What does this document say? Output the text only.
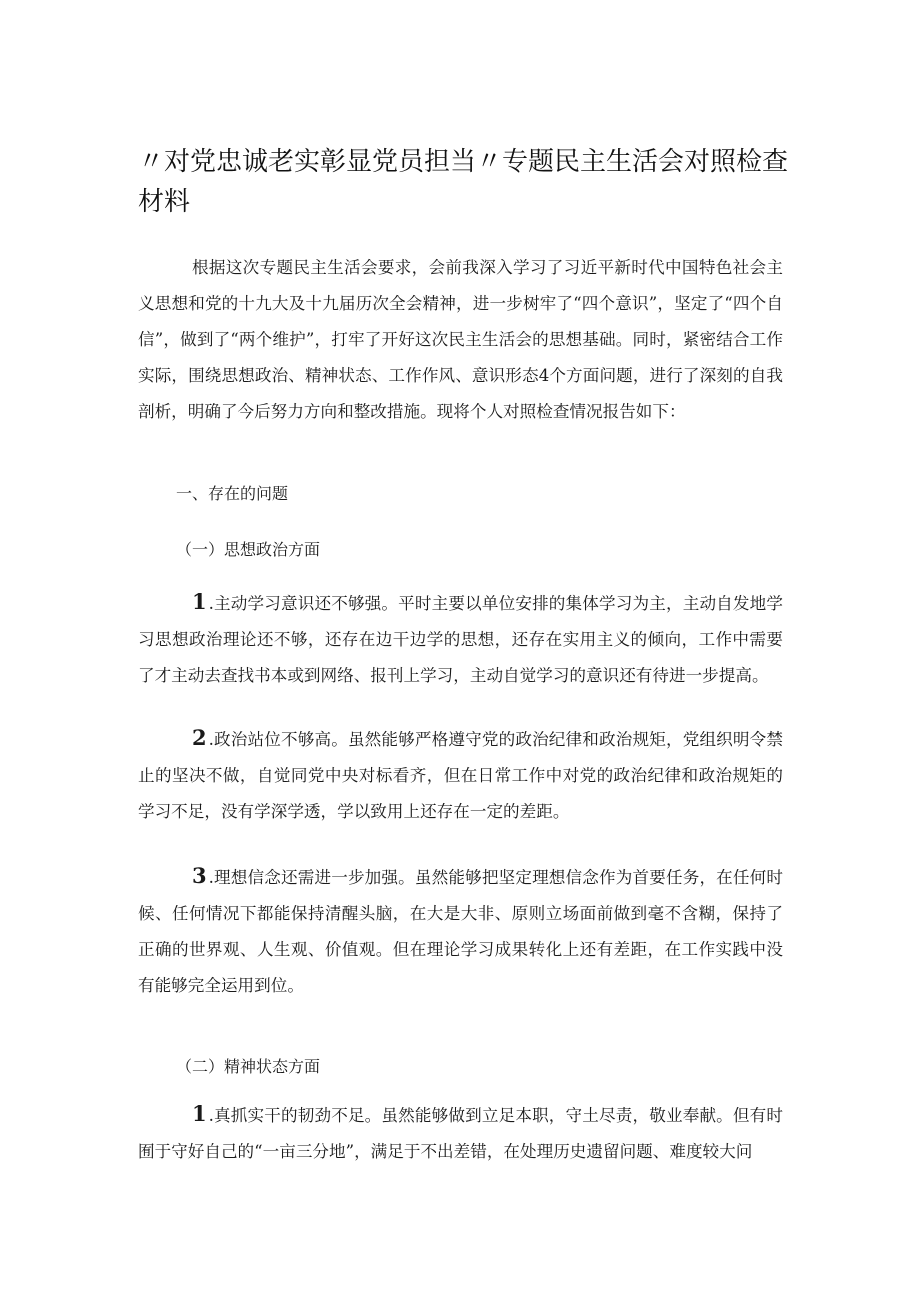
〃对党忠诚老实彰显党员担当〃专题民主生活会对照检查材料

根据这次专题民主生活会要求，会前我深入学习了习近平新时代中国特色社会主义思想和党的十九大及十九届历次全会精神，进一步树牢了“四个意识”，坚定了“四个自信”，做到了“两个维护”，打牢了开好这次民主生活会的思想基础。同时，紧密结合工作实际，围绕思想政治、精神状态、工作作风、意识形态4个方面问题，进行了深刻的自我剖析，明确了今后努力方向和整改措施。现将个人对照检查情况报告如下：

一、存在的问题

（一）思想政治方面

1 .主动学习意识还不够强。平时主要以单位安排的集体学习为主，主动自发地学习思想政治理论还不够，还存在边干边学的思想，还存在实用主义的倾向，工作中需要了才主动去查找书本或到网络、报刊上学习，主动自觉学习的意识还有待进一步提高。

2 .政治站位不够高。虽然能够严格遵守党的政治纪律和政治规矩，党组织明令禁止的坚决不做，自觉同党中央对标看齐，但在日常工作中对党的政治纪律和政治规矩的学习不足，没有学深学透，学以致用上还存在一定的差距。

3 .理想信念还需进一步加强。虽然能够把坚定理想信念作为首要任务，在任何时候、任何情况下都能保持清醒头脑，在大是大非、原则立场面前做到毫不含糊，保持了正确的世界观、人生观、价值观。但在理论学习成果转化上还有差距，在工作实践中没有能够完全运用到位。

（二）精神状态方面

1 .真抓实干的韧劲不足。虽然能够做到立足本职，守土尽责，敬业奉献。但有时囿于守好自己的“一亩三分地”，满足于不出差错，在处理历史遗留问题、难度较大问
